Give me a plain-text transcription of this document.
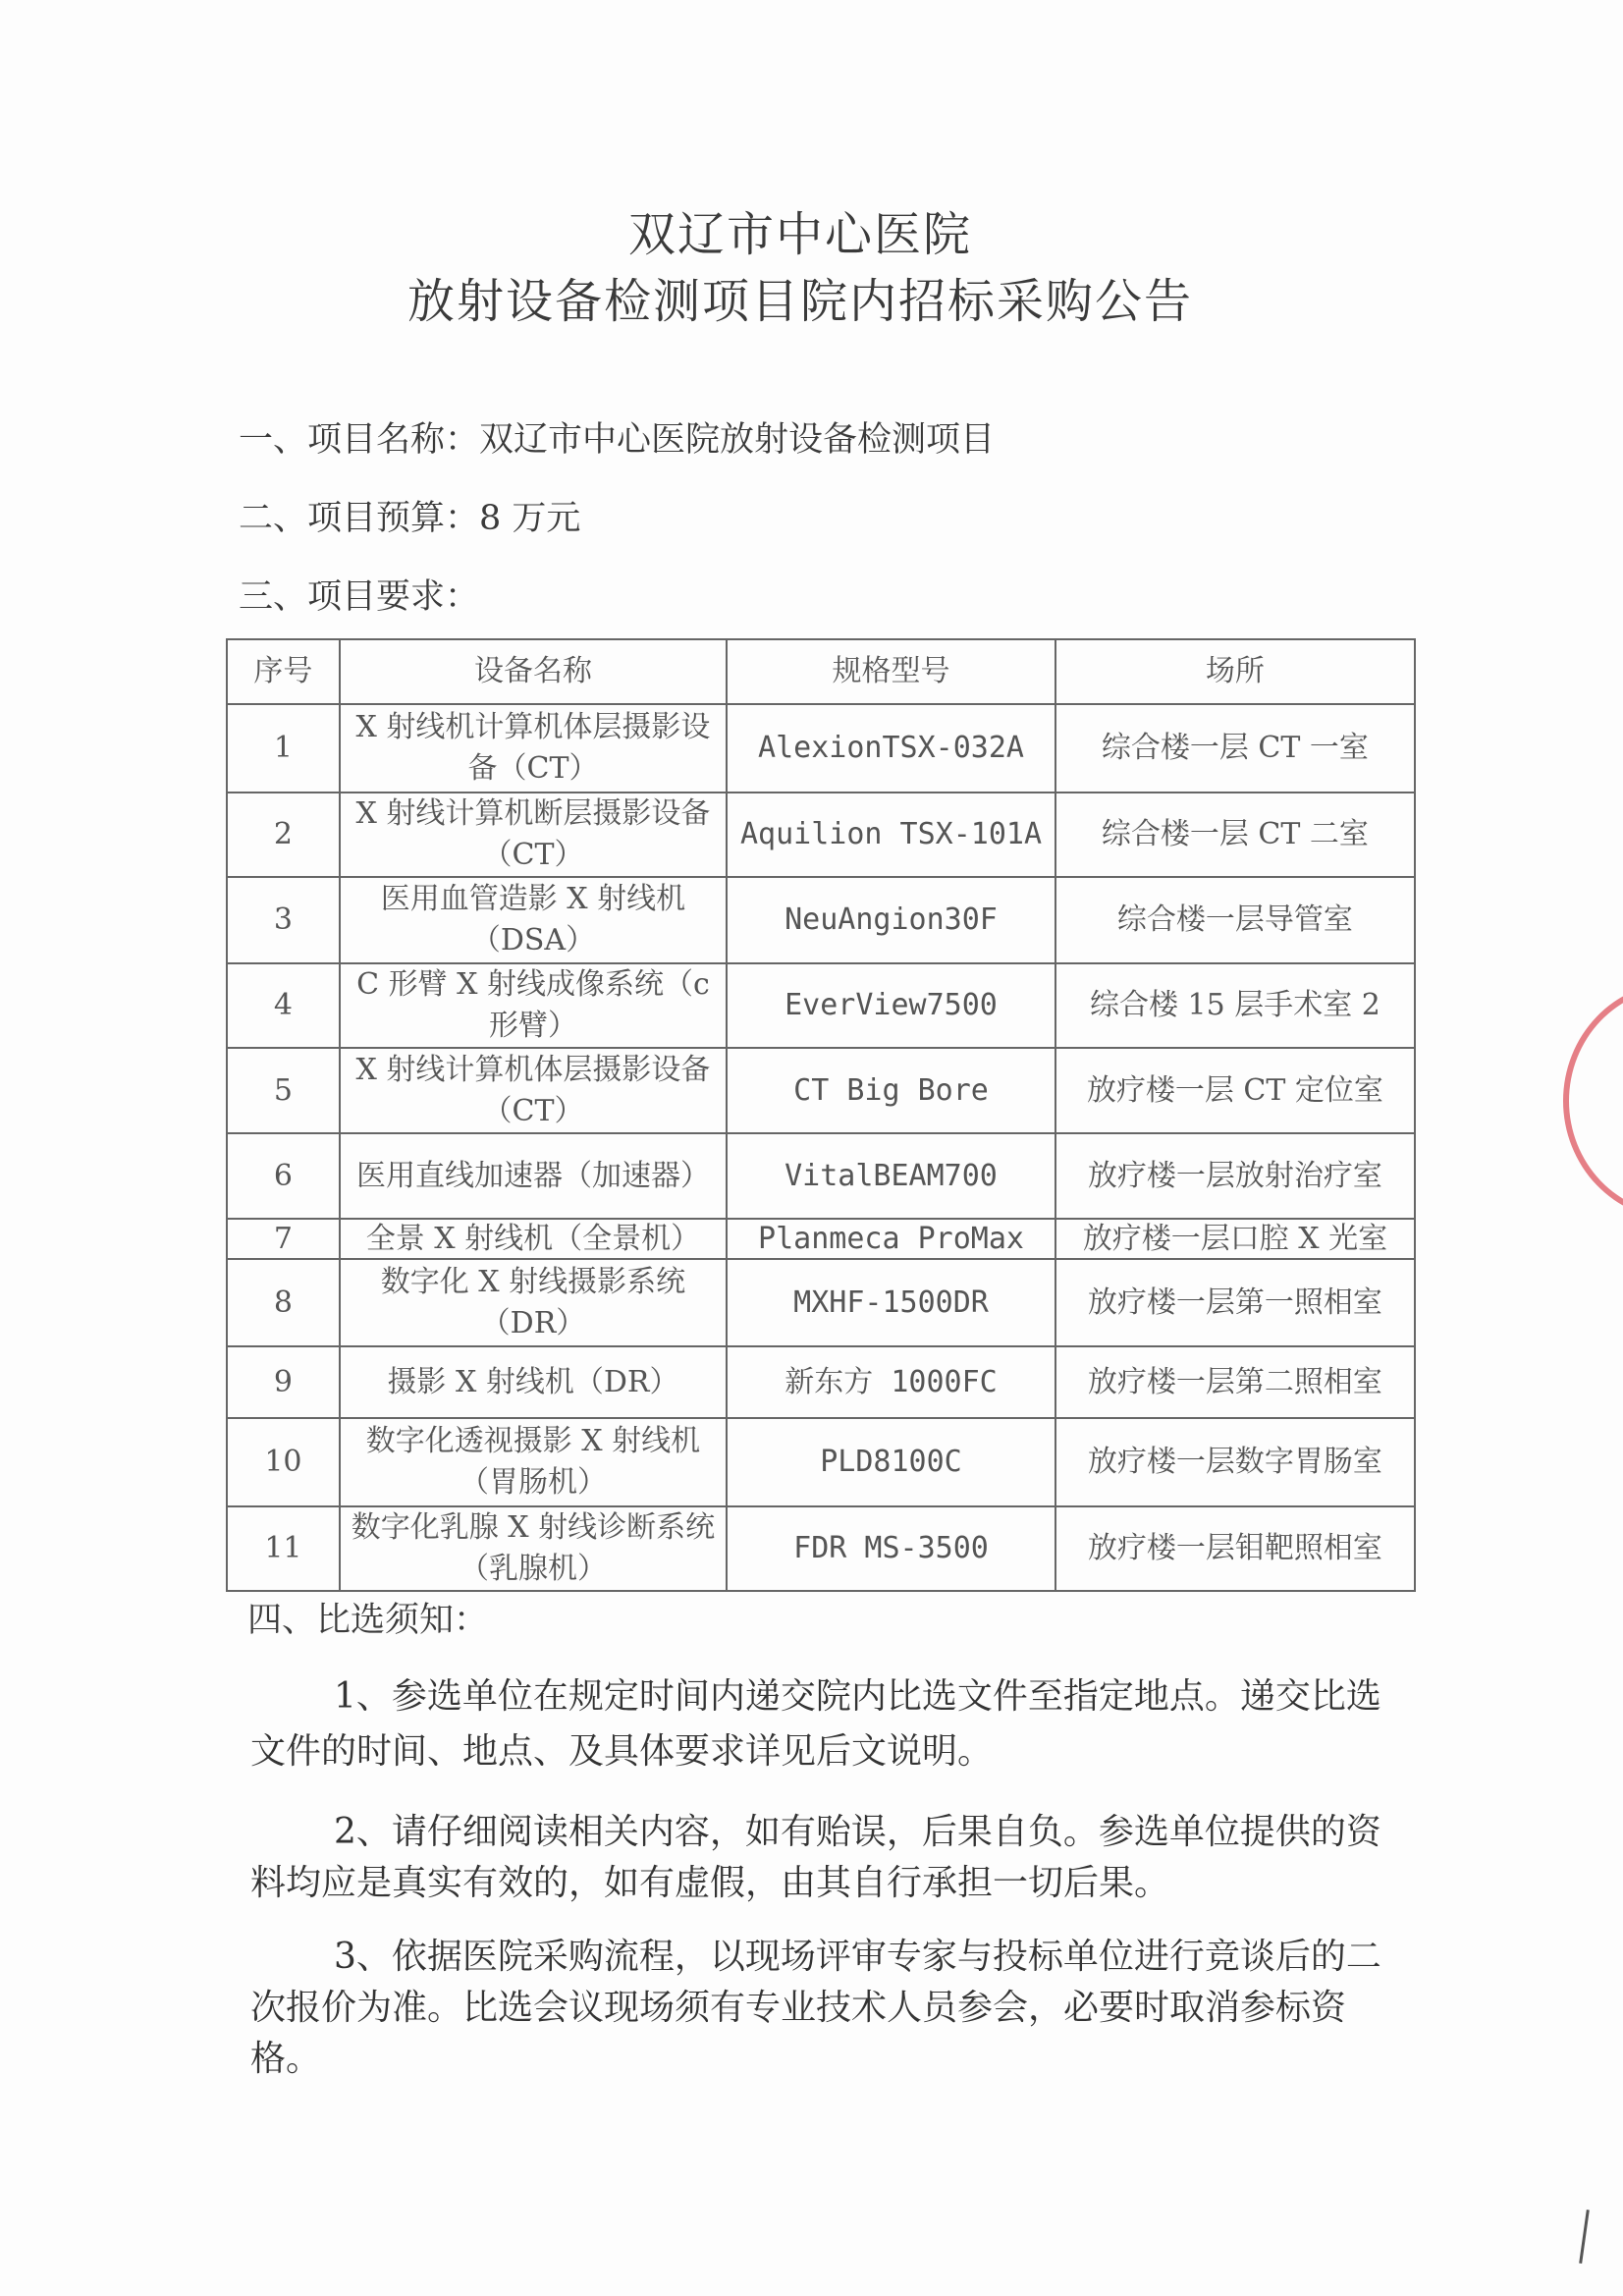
双辽市中心医院
放射设备检测项目院内招标采购公告
一、项目名称：双辽市中心医院放射设备检测项目
二、项目预算：8 万元
三、项目要求：
序号	设备名称	规格型号	场所
1	X 射线机计算机体层摄影设备（CT）	AlexionTSX-032A	综合楼一层 CT 一室
2	X 射线计算机断层摄影设备（CT）	Aquilion TSX-101A	综合楼一层 CT 二室
3	医用血管造影 X 射线机（DSA）	NeuAngion30F	综合楼一层导管室
4	C 形臂 X 射线成像系统（c 形臂）	EverView7500	综合楼 15 层手术室 2
5	X 射线计算机体层摄影设备（CT）	CT Big Bore	放疗楼一层 CT 定位室
6	医用直线加速器（加速器）	VitalBEAM700	放疗楼一层放射治疗室
7	全景 X 射线机（全景机）	Planmeca ProMax	放疗楼一层口腔 X 光室
8	数字化 X 射线摄影系统（DR）	MXHF-1500DR	放疗楼一层第一照相室
9	摄影 X 射线机（DR）	新东方 1000FC	放疗楼一层第二照相室
10	数字化透视摄影 X 射线机（胃肠机）	PLD8100C	放疗楼一层数字胃肠室
11	数字化乳腺 X 射线诊断系统（乳腺机）	FDR MS-3500	放疗楼一层钼靶照相室
四、比选须知：
1、参选单位在规定时间内递交院内比选文件至指定地点。递交比选文件的时间、地点、及具体要求详见后文说明。
2、请仔细阅读相关内容，如有贻误，后果自负。参选单位提供的资料均应是真实有效的，如有虚假，由其自行承担一切后果。
3、依据医院采购流程，以现场评审专家与投标单位进行竞谈后的二次报价为准。比选会议现场须有专业技术人员参会，必要时取消参标资格。
